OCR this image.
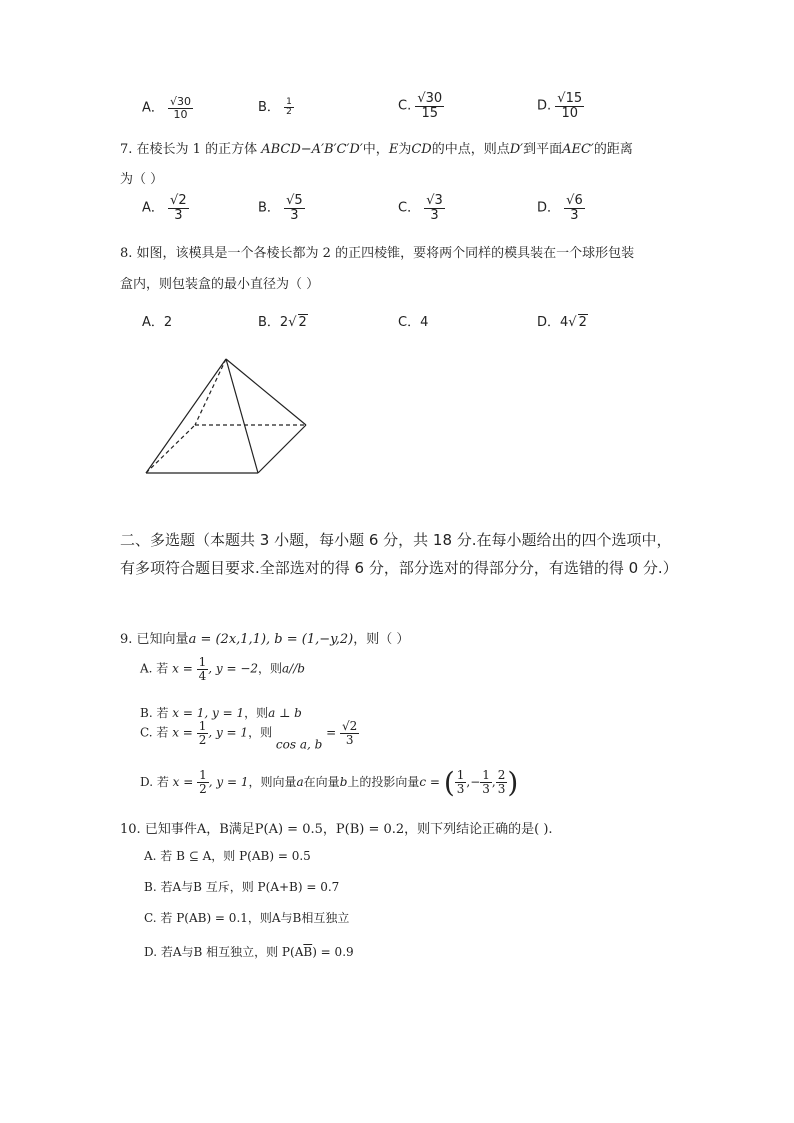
A． $\frac{√30}{10}$	B． $\frac{1}{2}$	C. $\frac{√30}{15}$	D. $\frac{√15}{10}$
7. 在棱长为 1 的正方体 ABCD−A′B′C′D′中，E为CD的中点，则点D′到平面AEC′的距离
为（ ）
A． $\frac{√2}{3}$	B． $\frac{√5}{3}$	C． $\frac{√3}{3}$	D． $\frac{√6}{3}$
8. 如图，该模具是一个各棱长都为 2 的正四棱锥，要将两个同样的模具装在一个球形包装
盒内，则包装盒的最小直径为（ ）
A．2	B．2√ 2	C．4	D．4√ 2
二、多选题（本题共 3 小题，每小题 6 分，共 18 分.在每小题给出的四个选项中，有多项符合题目要求.全部选对的得 6 分，部分选对的得部分分，有选错的得 0 分.）
9. 已知向量a = (2x,1,1), b = (1,−y,2)，则（ ）
A. 若 $x = \frac{1}{4}$ , y = −2，则a//b
B. 若 x = 1, y = 1，则a ⊥ b
C. 若 $x = \frac{1}{2}$ , y = 1，则 cos a, $b = \frac{√2}{3}$
D. 若 $x = \frac{1}{2}$ , y = 1，则向量a在向量b上的投影向量c = ( $\frac{1}{3}$ ,− $\frac{1}{3}$ , $\frac{2}{3}$ )
10. 已知事件A，B满足P(A) = 0.5，P(B) = 0.2，则下列结论正确的是( ).
A. 若 B ⊆ A，则 P(AB) = 0.5
B. 若A与B 互斥，则 P(A+B) = 0.7
C. 若 P(AB) = 0.1，则A与B相互独立
D. 若A与B 相互独立，则 $P(A\overline{B}) = 0.9$
